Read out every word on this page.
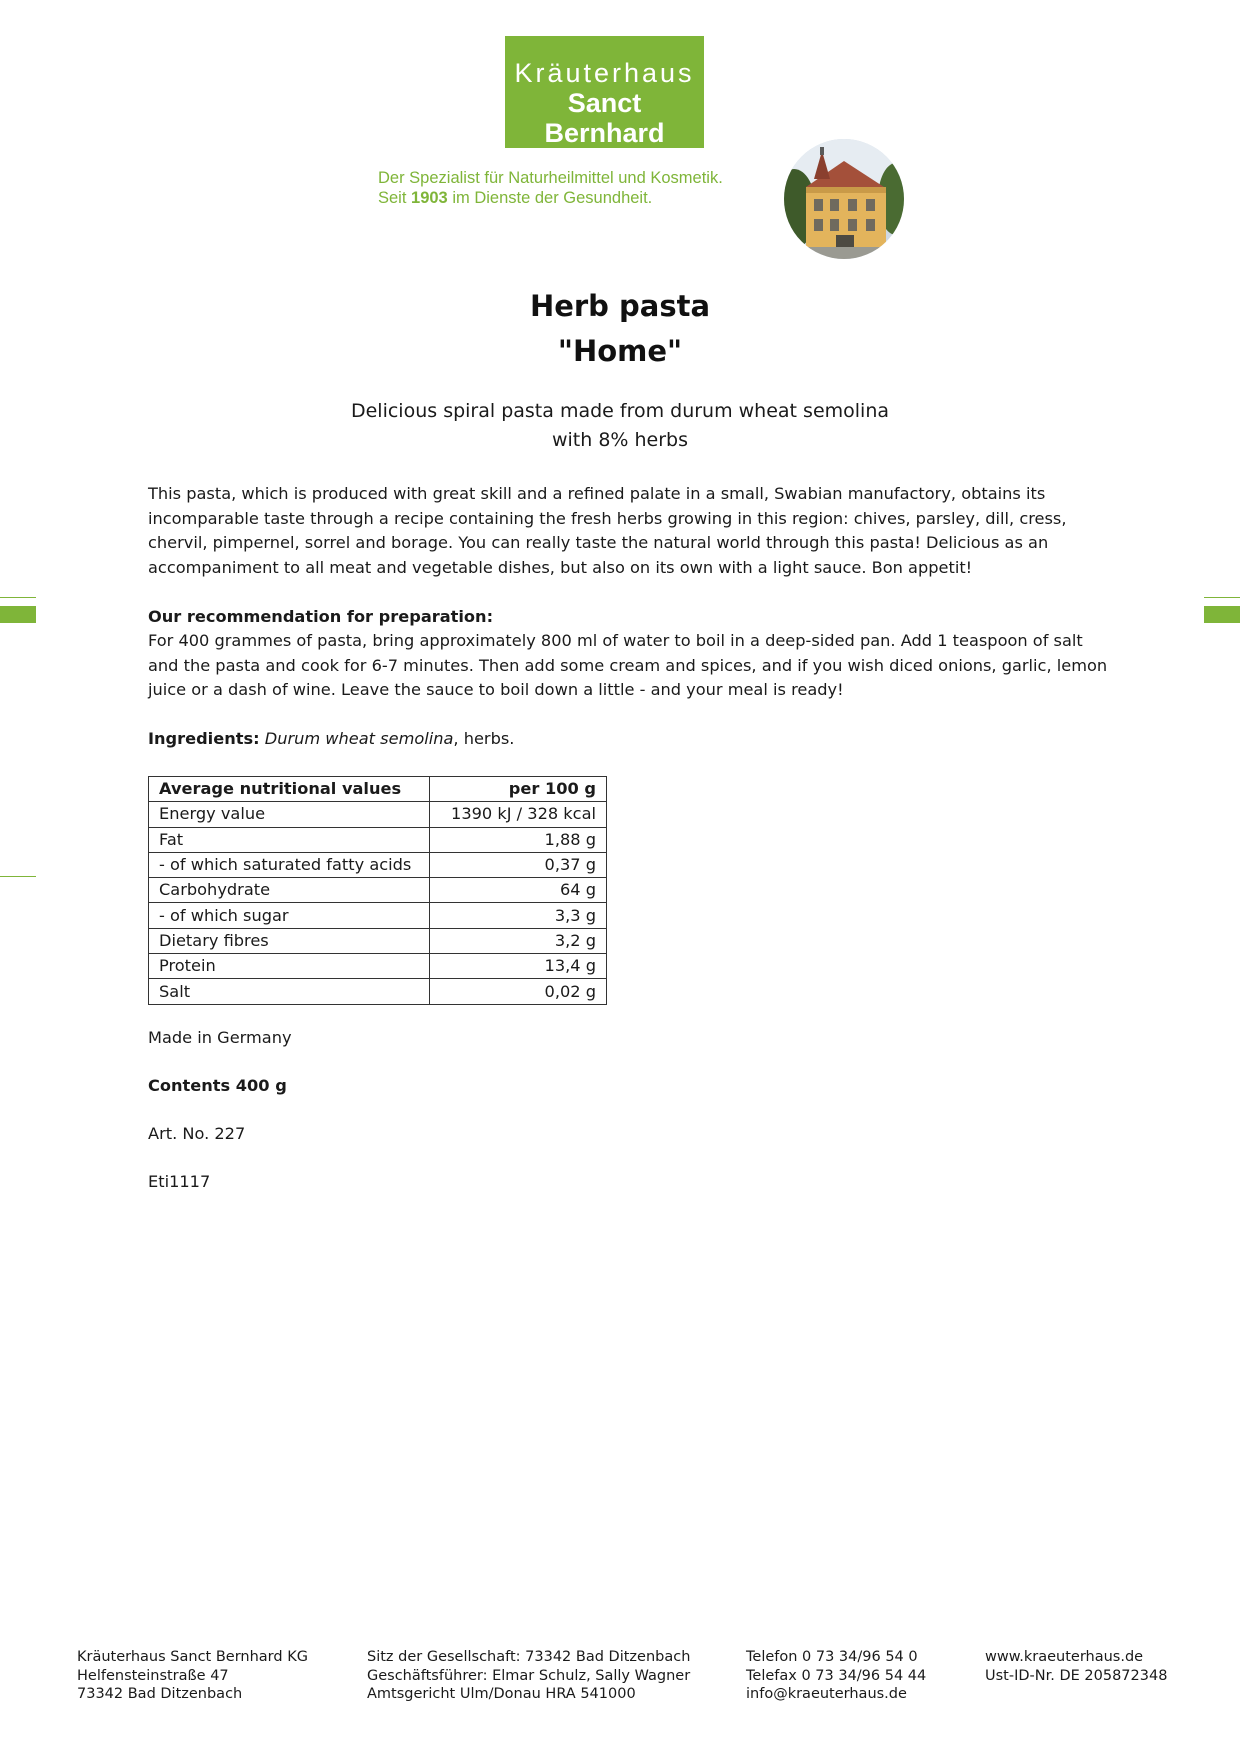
Kräuterhaus
Sanct Bernhard
Der Spezialist für Naturheilmittel und Kosmetik.
Seit 1903 im Dienste der Gesundheit.
Herb pasta
"Home"
Delicious spiral pasta made from durum wheat semolina
with 8% herbs

This pasta, which is produced with great skill and a refined palate in a small, Swabian manufactory, obtains its incomparable taste through a recipe containing the fresh herbs growing in this region: chives, parsley, dill, cress, chervil, pimpernel, sorrel and borage. You can really taste the natural world through this pasta! Delicious as an accompaniment to all meat and vegetable dishes, but also on its own with a light sauce. Bon appetit!

Our recommendation for preparation:

For 400 grammes of pasta, bring approximately 800 ml of water to boil in a deep-sided pan. Add 1 teaspoon of salt and the pasta and cook for 6-7 minutes. Then add some cream and spices, and if you wish diced onions, garlic, lemon juice or a dash of wine. Leave the sauce to boil down a little - and your meal is ready!

Ingredients: Durum wheat semolina, herbs.

Average nutritional values	per 100 g
Energy value	1390 kJ / 328 kcal
Fat	1,88 g
- of which saturated fatty acids	0,37 g
Carbohydrate	64 g
- of which sugar	3,3 g
Dietary fibres	3,2 g
Protein	13,4 g
Salt	0,02 g
Made in Germany
Contents 400 g
Art. No. 227
Eti1117
Kräuterhaus Sanct Bernhard KG
Helfensteinstraße 47
73342 Bad Ditzenbach
Sitz der Gesellschaft: 73342 Bad Ditzenbach
Geschäftsführer: Elmar Schulz, Sally Wagner
Amtsgericht Ulm/Donau HRA 541000
Telefon 0 73 34/96 54 0
Telefax 0 73 34/96 54 44
info@kraeuterhaus.de
www.kraeuterhaus.de
Ust-ID-Nr. DE 205872348
